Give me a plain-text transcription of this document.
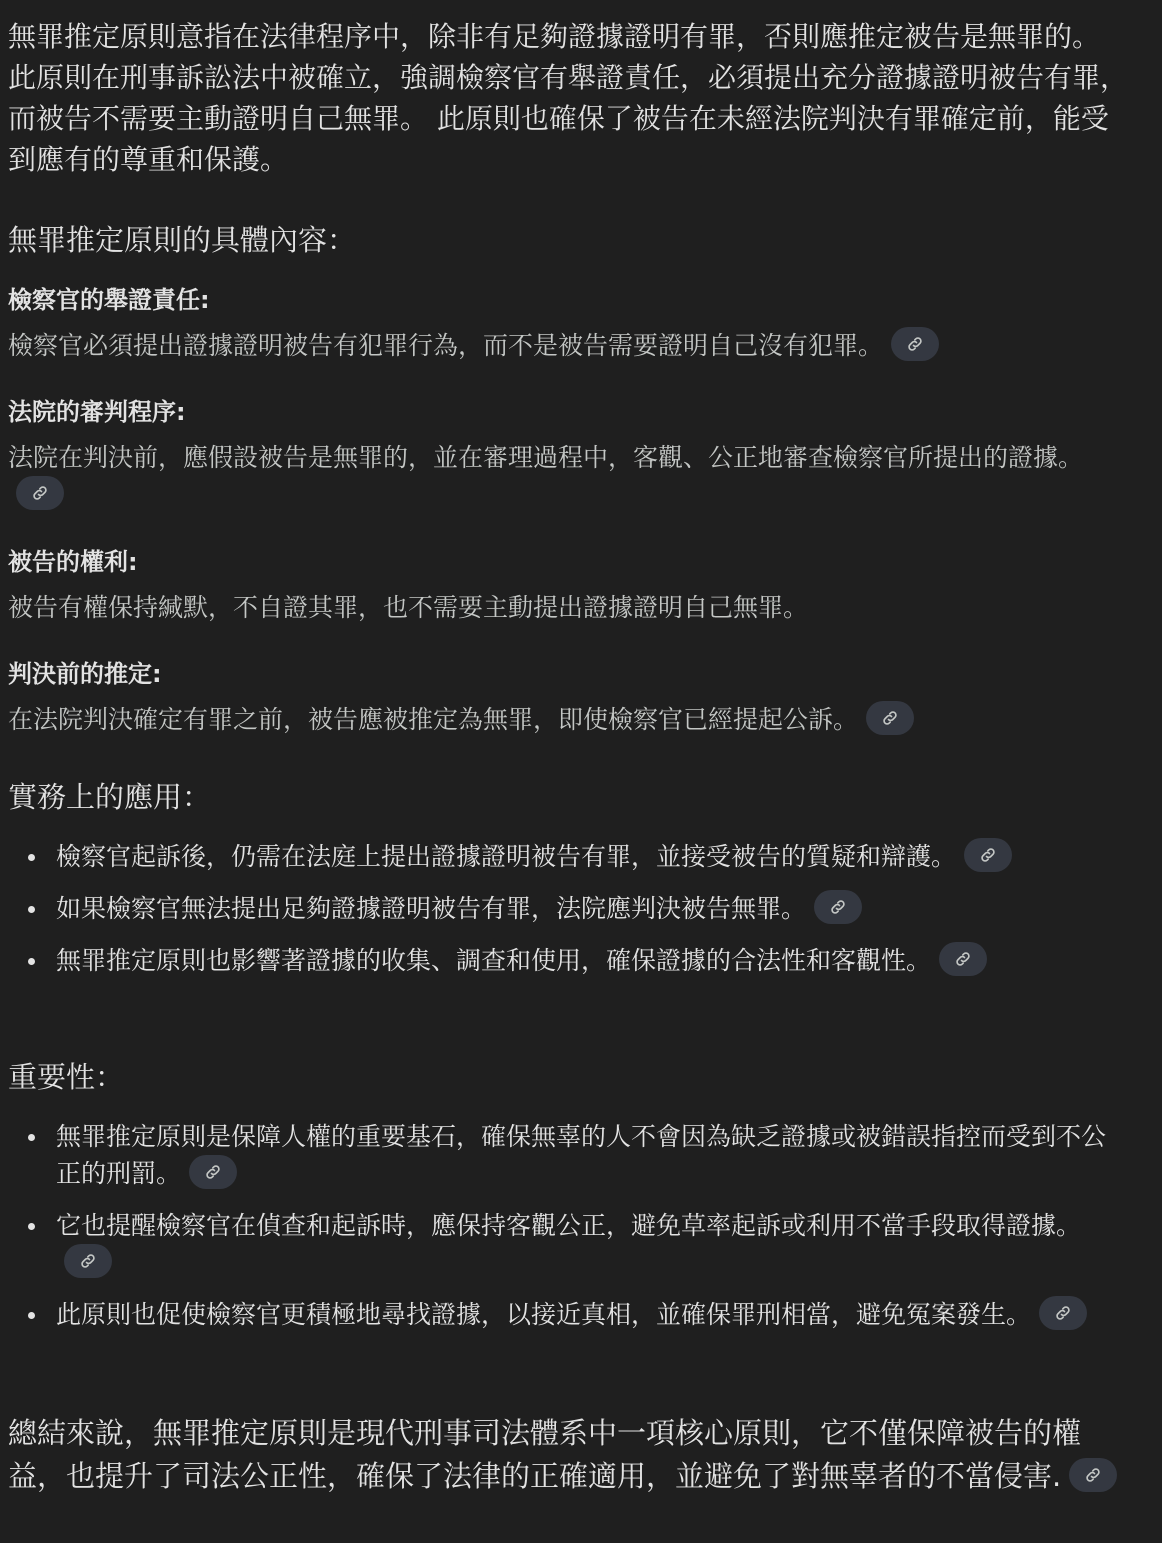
無罪推定原則意指在法律程序中，除非有足夠證據證明有罪，否則應推定被告是無罪的。 此原則在刑事訴訟法中被確立，強調檢察官有舉證責任，必須提出充分證據證明被告有罪，而被告不需要主動證明自己無罪。 此原則也確保了被告在未經法院判決有罪確定前，能受到應有的尊重和保護。

無罪推定原則的具體內容：
檢察官的舉證責任:

檢察官必須提出證據證明被告有犯罪行為，而不是被告需要證明自己沒有犯罪。

法院的審判程序:

法院在判決前，應假設被告是無罪的，並在審理過程中，客觀、公正地審查檢察官所提出的證據。

被告的權利:

被告有權保持緘默，不自證其罪，也不需要主動提出證據證明自己無罪。

判決前的推定:

在法院判決確定有罪之前，被告應被推定為無罪，即使檢察官已經提起公訴。

實務上的應用：
檢察官起訴後，仍需在法庭上提出證據證明被告有罪，並接受被告的質疑和辯護。
如果檢察官無法提出足夠證據證明被告有罪，法院應判決被告無罪。
無罪推定原則也影響著證據的收集、調查和使用，確保證據的合法性和客觀性。
重要性：
無罪推定原則是保障人權的重要基石，確保無辜的人不會因為缺乏證據或被錯誤指控而受到不公正的刑罰。
它也提醒檢察官在偵查和起訴時，應保持客觀公正，避免草率起訴或利用不當手段取得證據。
此原則也促使檢察官更積極地尋找證據，以接近真相，並確保罪刑相當，避免冤案發生。

總結來說，無罪推定原則是現代刑事司法體系中一項核心原則，它不僅保障被告的權益，也提升了司法公正性，確保了法律的正確適用，並避免了對無辜者的不當侵害.
